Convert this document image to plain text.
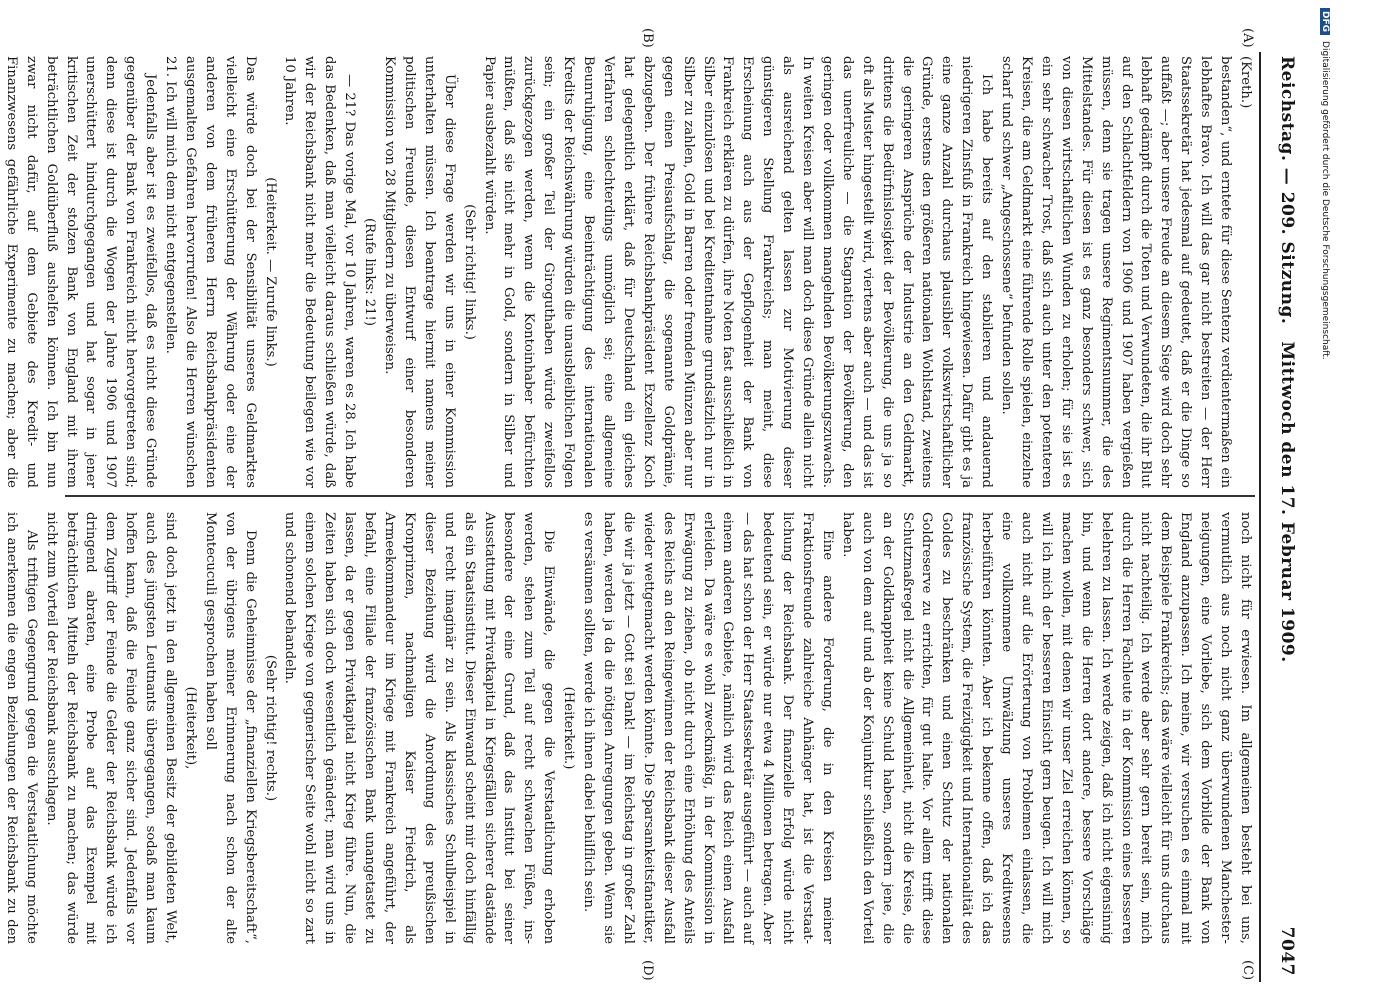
Reichstag. — 209. Sitzung.
Mittwoch den 17. Februar 1909.
7047
(A)
(B)
(C)
(D)

(Kreth.)

bestanden“, und erntete für diese Sentenz verdientermaßen ein lebhaftes Bravo. Ich will das gar nicht bestreiten — der Herr Staatssekretär hat jedesmal auf gedeutet, daß er die Dinge so auffaßt —; aber unsere Freude an diesem Siege wird doch sehr lebhaft gedämpft durch die Toten und Verwundeten, die ihr Blut auf den Schlachtfeldern von 1906 und 1907 haben vergießen müssen, denn sie tragen unsere Regimentsnummer, die des Mittelstandes. Für diesen ist es ganz besonders schwer, sich von diesen wirtschaftlichen Wunden zu erholen; für sie ist es ein sehr schwacher Trost, daß sich auch unter den potenteren Kreisen, die am Geldmarkt eine führende Rolle spielen, einzelne scharf und schwer „Angeschossene“ befunden sollen.

Ich habe bereits auf den stabileren und andauernd niedrigeren Zinsfuß in Frankreich hingewiesen. Dafür gibt es ja eine ganze Anzahl durchaus plausibler volkswirtschaftlicher Gründe, erstens den größeren nationalen Wohlstand, zweitens die geringeren Ansprüche der Industrie an den Geldmarkt, drittens die Bedürfnislosigkeit der Bevölkerung, die uns ja so oft als Muster hingestellt wird, viertens aber auch — und das ist das unerfreuliche — die Stagnation der Bevölkerung, den geringen oder vollkommen mangelnden Bevölkerungszuwachs. In weiten Kreisen aber will man doch diese Gründe allein nicht als ausreichend gelten lassen zur Motivierung dieser günstigeren Stellung Frankreichs; man meint, diese Erscheinung auch aus der Gepflogenheit der Bank von Frankreich erklären zu dürfen, ihre Noten fast ausschließlich in Silber einzulösen und bei Kreditentnahme grundsätzlich nur in Silber zu zahlen, Gold in Barren oder fremden Münzen aber nur gegen einen Preisaufschlag, die sogenannte Goldprämie, abzugeben. Der frühere Reichsbankpräsident Exzellenz Koch hat gelegentlich erklärt, daß für Deutschland ein gleiches Verfahren schlechterdings unmöglich sei; eine allgemeine Beunruhigung, eine Beeinträchtigung des internationalen Kredits der Reichswährung würden die unausbleiblichen Folgen sein; ein großer Teil der Giroguthaben würde zweifellos zurückgezogen werden, wenn die Kontoinhaber befürchten müßten, daß sie nicht mehr in Gold, sondern in Silber und Papier ausbezahlt würden.

(Sehr richtig! links.)

Über diese Frage werden wir uns in einer Kommission unterhalten müssen. Ich beantrage hiermit namens meiner politischen Freunde, diesen Entwurf einer besonderen Kommission von 28 Mitgliedern zu überweisen.

(Rufe links: 21!)

— 21? Das vorige Mal, vor 10 Jahren, waren es 28. Ich habe das Bedenken, daß man vielleicht daraus schließen würde, daß wir der Reichsbank nicht mehr die Bedeutung beilegen wie vor 10 Jahren.

(Heiterkeit. — Zurufe links.)

Das würde doch bei der Sensibilität unseres Geldmarktes vielleicht eine Erschütterung der Währung oder eine der anderen von dem früheren Herrn Reichsbankpräsidenten ausgemalten Gefahren hervorrufen! Also die Herren wünschen 21. Ich will mich dem nicht entgegenstellen.

Jedenfalls aber ist es zweifellos, daß es nicht diese Gründe gegenüber der Bank von Frankreich nicht hervorgetreten sind; denn diese ist durch die Wogen der Jahre 1906 und 1907 unerschüttert hindurchgegangen und hat sogar in jener kritischen Zeit der stolzen Bank von England mit ihrem beträchtlichen Goldüberfluß aushelfen können. Ich bin nun zwar nicht dafür, auf dem Gebiete des Kredit- und Finanzwesens gefährliche Experimente zu machen; aber die

noch nicht für erwiesen. Im allgemeinen besteht bei uns, vermutlich aus noch nicht ganz überwundenen Manchesterneigungen, eine Vorliebe, sich dem Vorbilde der Bank von England anzupassen. Ich meine, wir versuchen es einmal mit dem Beispiele Frankreichs; das wäre vielleicht für uns durchaus nicht nachteilig. Ich werde aber sehr gern bereit sein, mich durch die Herren Fachleute in der Kommission eines besseren belehren zu lassen. Ich werde zeigen, daß ich nicht eigensinnig bin, und wenn die Herren dort andere, bessere Vorschläge machen wollen, mit denen wir unser Ziel erreichen können, so will ich mich der besseren Einsicht gern beugen. Ich will mich auch nicht auf die Erörterung von Problemen einlassen, die eine vollkommene Umwälzung unseres Kreditwesens herbeiführen könnten. Aber ich bekenne offen, daß ich das französische System, die Freizügigkeit und Internationalität des Goldes zu beschränken und einen Schutz der nationalen Goldreserve zu errichten, für gut halte. Vor allem trifft diese Schutzmaßregel nicht die Allgemeinheit, nicht die Kreise, die an der Goldknappheit keine Schuld haben, sondern jene, die auch von dem auf und ab der Konjunktur schließlich den Vorteil haben.

Eine andere Forderung, die in den Kreisen meiner Fraktionsfreunde zahlreiche Anhänger hat, ist die Verstaatlichung der Reichsbank. Der finanzielle Erfolg würde nicht bedeutend sein, er würde nur etwa 4 Millionen betragen. Aber — das hat schon der Herr Staatssekretär ausgeführt — auch auf einem anderen Gebiete, nämlich wird das Reich einen Ausfall erleiden. Da wäre es wohl zweckmäßig, in der Kommission in Erwägung zu ziehen, ob nicht durch eine Erhöhung des Anteils des Reichs an den Reingewinnen der Reichsbank dieser Ausfall wieder wettgemacht werden könnte. Die Sparsamkeitsfanatiker, die wir ja jetzt — Gott sei Dank! — im Reichstag in großer Zahl haben, werden ja da die nötigen Anregungen geben. Wenn sie es versäumen sollten, werde ich ihnen dabei behilflich sein.

(Heiterkeit.)

Die Einwände, die gegen die Verstaatlichung erhoben werden, stehen zum Teil auf recht schwachen Füßen, insbesondere der eine Grund, daß das Institut bei seiner Ausstattung mit Privatkapital in Kriegsfällen sicherer dastände als ein Staatsinstitut. Dieser Einwand scheint mir doch hinfällig und recht imaginär zu sein. Als klassisches Schulbeispiel in dieser Beziehung wird die Anordnung des preußischen Kronprinzen, nachmaligen Kaiser Friedrich, als Armeekommandeur im Kriege mit Frankreich angeführt, der befahl, eine Filiale der französischen Bank unangetastet zu lassen, da er gegen Privatkapital nicht Krieg führe. Nun, die Zeiten haben sich doch wesentlich geändert; man wird uns in einem solchen Kriege von gegnerischer Seite wohl nicht so zart und schonend behandeln.

(Sehr richtig! rechts.)

Denn die Geheimnisse der „finanziellen Kriegsbereitschaft“, von der übrigens meiner Erinnerung nach schon der alte Montecuculi gesprochen haben soll

(Heiterkeit),

sind doch jetzt in den allgemeinen Besitz der gebildeten Welt, auch des jüngsten Leutnants übergegangen, sodaß man kaum hoffen kann, daß die Feinde ganz sicher sind. Jedenfalls vor dem Zugriff der Feinde die Gelder der Reichsbank würde ich dringend abraten, eine Probe auf das Exempel mit beträchtlichen Mitteln der Reichsbank zu machen; das würde nicht zum Vorteil der Reichsbank ausschlagen.

Als triftigen Gegengrund gegen die Verstaatlichung möchte ich anerkennen die engen Beziehungen der Reichsbank zu den

DFGDigitalisierung gefördert durch die Deutsche Forschungsgemeinschaft.
